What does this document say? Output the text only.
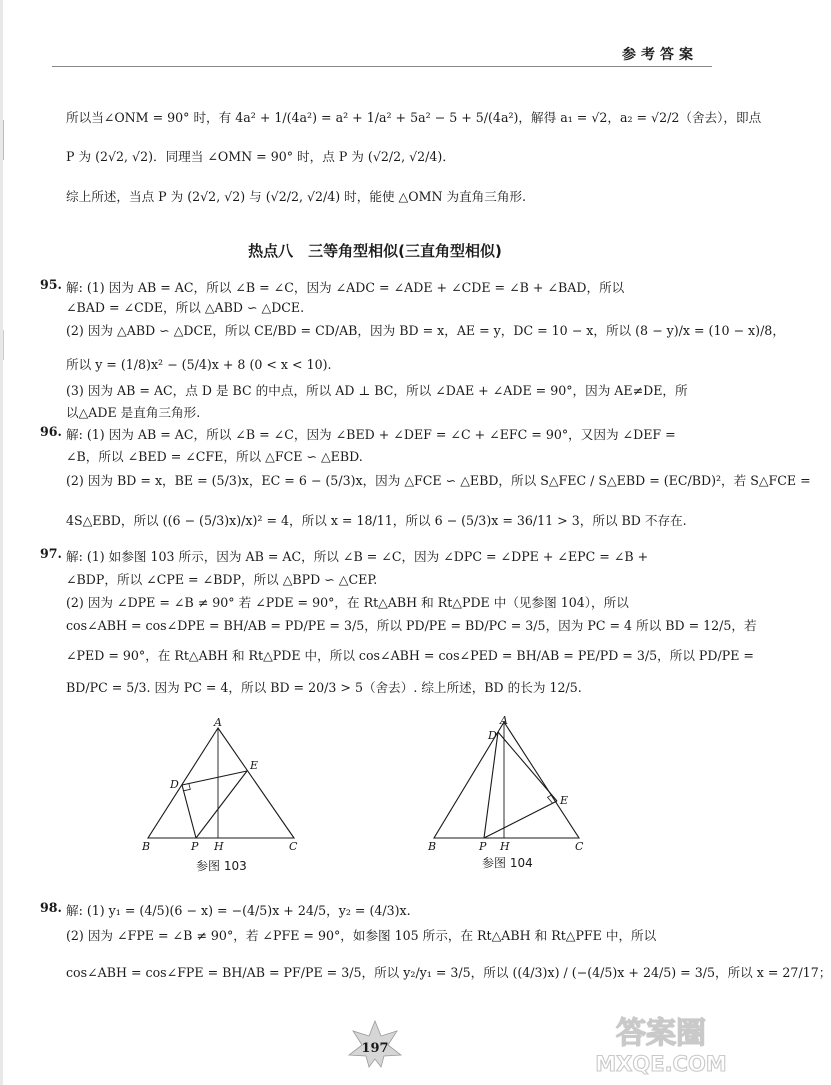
参考答案
所以当∠ONM = 90° 时，有 4a² + 1/(4a²) = a² + 1/a² + 5a² − 5 + 5/(4a²)，解得 a₁ = √2，a₂ = √2/2（舍去），即点
P 为 (2√2, √2)．同理当 ∠OMN = 90° 时，点 P 为 (√2/2, √2/4)．
综上所述，当点 P 为 (2√2, √2) 与 (√2/2, √2/4) 时，能使 △OMN 为直角三角形.
热点八　三等角型相似(三直角型相似)
95. 解: (1) 因为 AB = AC，所以 ∠B = ∠C，因为 ∠ADC = ∠ADE + ∠CDE = ∠B + ∠BAD，所以
∠BAD = ∠CDE，所以 △ABD ∽ △DCE.
(2) 因为 △ABD ∽ △DCE，所以 CE/BD = CD/AB，因为 BD = x，AE = y，DC = 10 − x，所以 (8 − y)/x = (10 − x)/8，
所以 y = (1/8)x² − (5/4)x + 8 (0 < x < 10).
(3) 因为 AB = AC，点 D 是 BC 的中点，所以 AD ⊥ BC，所以 ∠DAE + ∠ADE = 90°，因为 AE≠DE，所
以△ADE 是直角三角形.
96. 解: (1) 因为 AB = AC，所以 ∠B = ∠C，因为 ∠BED + ∠DEF = ∠C + ∠EFC = 90°，又因为 ∠DEF =
∠B，所以 ∠BED = ∠CFE，所以 △FCE ∽ △EBD.
(2) 因为 BD = x，BE = (5/3)x，EC = 6 − (5/3)x，因为 △FCE ∽ △EBD，所以 S△FEC / S△EBD = (EC/BD)²，若 S△FCE =
4S△EBD，所以 ((6 − (5/3)x)/x)² = 4，所以 x = 18/11，所以 6 − (5/3)x = 36/11 > 3，所以 BD 不存在.
97. 解: (1) 如参图 103 所示，因为 AB = AC，所以 ∠B = ∠C，因为 ∠DPC = ∠DPE + ∠EPC = ∠B +
∠BDP，所以 ∠CPE = ∠BDP，所以 △BPD ∽ △CEP.
(2) 因为 ∠DPE = ∠B ≠ 90° 若 ∠PDE = 90°，在 Rt△ABH 和 Rt△PDE 中（见参图 104），所以
cos∠ABH = cos∠DPE = BH/AB = PD/PE = 3/5，所以 PD/PE = BD/PC = 3/5，因为 PC = 4 所以 BD = 12/5，若
∠PED = 90°，在 Rt△ABH 和 Rt△PDE 中，所以 cos∠ABH = cos∠PED = BH/AB = PE/PD = 3/5，所以 PD/PE =
BD/PC = 5/3. 因为 PC = 4，所以 BD = 20/3 > 5（舍去）. 综上所述，BD 的长为 12/5.
A
B	C
D
E
P H
参图 103
A
D
B	C
E
P H
参图 104
98. 解: (1) y₁ = (4/5)(6 − x) = −(4/5)x + 24/5，y₂ = (4/3)x.
(2) 因为 ∠FPE = ∠B ≠ 90°，若 ∠PFE = 90°，如参图 105 所示，在 Rt△ABH 和 Rt△PFE 中，所以
cos∠ABH = cos∠FPE = BH/AB = PF/PE = 3/5，所以 y₂/y₁ = 3/5，所以 ((4/3)x) / (−(4/5)x + 24/5) = 3/5，所以 x = 27/17；
197	答案圈
MXQE.COM
